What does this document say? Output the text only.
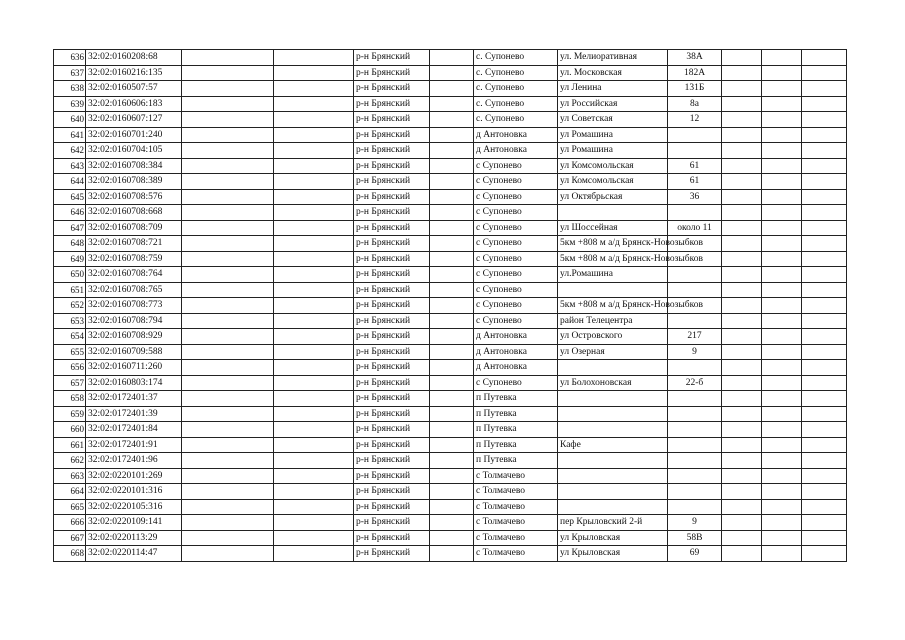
636	32:02:0160208:68			р-н Брянский		с. Супонево	ул. Мелиоративная	38А			
637	32:02:0160216:135			р-н Брянский		с. Супонево	ул. Московская	182А			
638	32:02:0160507:57			р-н Брянский		с. Супонево	ул Ленина	131Б			
639	32:02:0160606:183			р-н Брянский		с. Супонево	ул Российская	8а			
640	32:02:0160607:127			р-н Брянский		с. Супонево	ул Советская	12			
641	32:02:0160701:240			р-н Брянский		д Антоновка	ул Ромашина				
642	32:02:0160704:105			р-н Брянский		д Антоновка	ул Ромашина				
643	32:02:0160708:384			р-н Брянский		с Супонево	ул Комсомольская	61			
644	32:02:0160708:389			р-н Брянский		с Супонево	ул Комсомольская	61			
645	32:02:0160708:576			р-н Брянский		с Супонево	ул Октябрьская	36			
646	32:02:0160708:668			р-н Брянский		с Супонево					
647	32:02:0160708:709			р-н Брянский		с Супонево	ул Шоссейная	около 11			
648	32:02:0160708:721			р-н Брянский		с Супонево	5км +808 м а/д Брянск-Новозыбков				
649	32:02:0160708:759			р-н Брянский		с Супонево	5км +808 м а/д Брянск-Новозыбков				
650	32:02:0160708:764			р-н Брянский		с Супонево	ул.Ромашина				
651	32:02:0160708:765			р-н Брянский		с Супонево					
652	32:02:0160708:773			р-н Брянский		с Супонево	5км +808 м а/д Брянск-Новозыбков				
653	32:02:0160708:794			р-н Брянский		с Супонево	район Телецентра				
654	32:02:0160708:929			р-н Брянский		д Антоновка	ул Островского	217			
655	32:02:0160709:588			р-н Брянский		д Антоновка	ул Озерная	9			
656	32:02:0160711:260			р-н Брянский		д Антоновка					
657	32:02:0160803:174			р-н Брянский		с Супонево	ул Болохоновская	22-б			
658	32:02:0172401:37			р-н Брянский		п Путевка					
659	32:02:0172401:39			р-н Брянский		п Путевка					
660	32:02:0172401:84			р-н Брянский		п Путевка					
661	32:02:0172401:91			р-н Брянский		п Путевка	Кафе				
662	32:02:0172401:96			р-н Брянский		п Путевка					
663	32:02:0220101:269			р-н Брянский		с Толмачево					
664	32:02:0220101:316			р-н Брянский		с Толмачево					
665	32:02:0220105:316			р-н Брянский		с Толмачево					
666	32:02:0220109:141			р-н Брянский		с Толмачево	пер Крыловский 2-й	9			
667	32:02:0220113:29			р-н Брянский		с Толмачево	ул Крыловская	58В			
668	32:02:0220114:47			р-н Брянский		с Толмачево	ул Крыловская	69			
